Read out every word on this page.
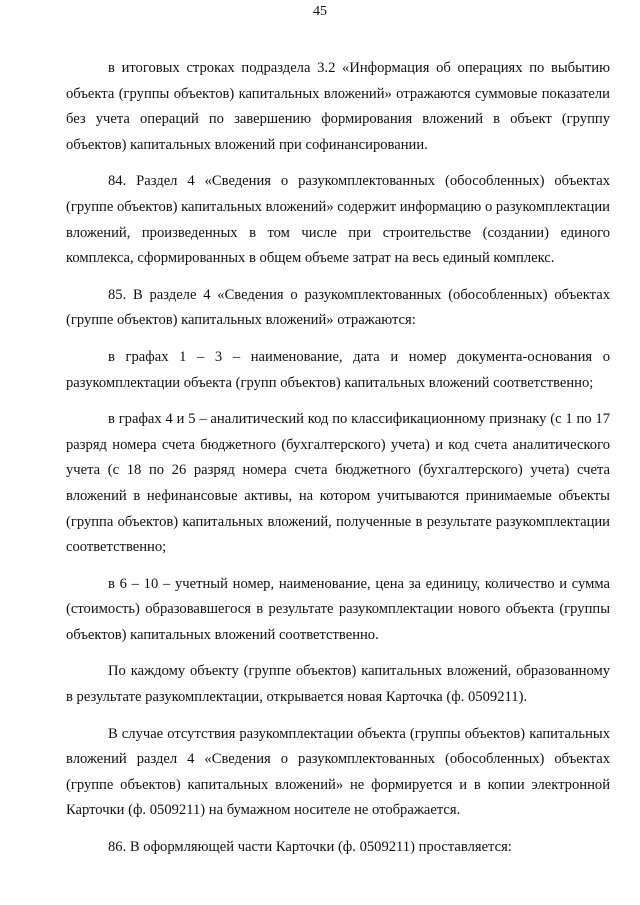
45

в итоговых строках подраздела 3.2 «Информация об операциях по выбытию объекта (группы объектов) капитальных вложений» отражаются суммовые показатели без учета операций по завершению формирования вложений в объект (группу объектов) капитальных вложений при софинансировании.

84. Раздел 4 «Сведения о разукомплектованных (обособленных) объектах (группе объектов) капитальных вложений» содержит информацию о разукомплектации вложений, произведенных в том числе при строительстве (создании) единого комплекса, сформированных в общем объеме затрат на весь единый комплекс.

85. В разделе 4 «Сведения о разукомплектованных (обособленных) объектах (группе объектов) капитальных вложений» отражаются:

в графах 1 – 3 – наименование, дата и номер документа-основания о разукомплектации объекта (групп объектов) капитальных вложений соответственно;

в графах 4 и 5 – аналитический код по классификационному признаку (с 1 по 17 разряд номера счета бюджетного (бухгалтерского) учета) и код счета аналитического учета (с 18 по 26 разряд номера счета бюджетного (бухгалтерского) учета) счета вложений в нефинансовые активы, на котором учитываются принимаемые объекты (группа объектов) капитальных вложений, полученные в результате разукомплектации соответственно;

в 6 – 10 – учетный номер, наименование, цена за единицу, количество и сумма (стоимость) образовавшегося в результате разукомплектации нового объекта (группы объектов) капитальных вложений соответственно.

По каждому объекту (группе объектов) капитальных вложений, образованному в результате разукомплектации, открывается новая Карточка (ф. 0509211).

В случае отсутствия разукомплектации объекта (группы объектов) капитальных вложений раздел 4 «Сведения о разукомплектованных (обособленных) объектах (группе объектов) капитальных вложений» не формируется и в копии электронной Карточки (ф. 0509211) на бумажном носителе не отображается.

86. В оформляющей части Карточки (ф. 0509211) проставляется:
